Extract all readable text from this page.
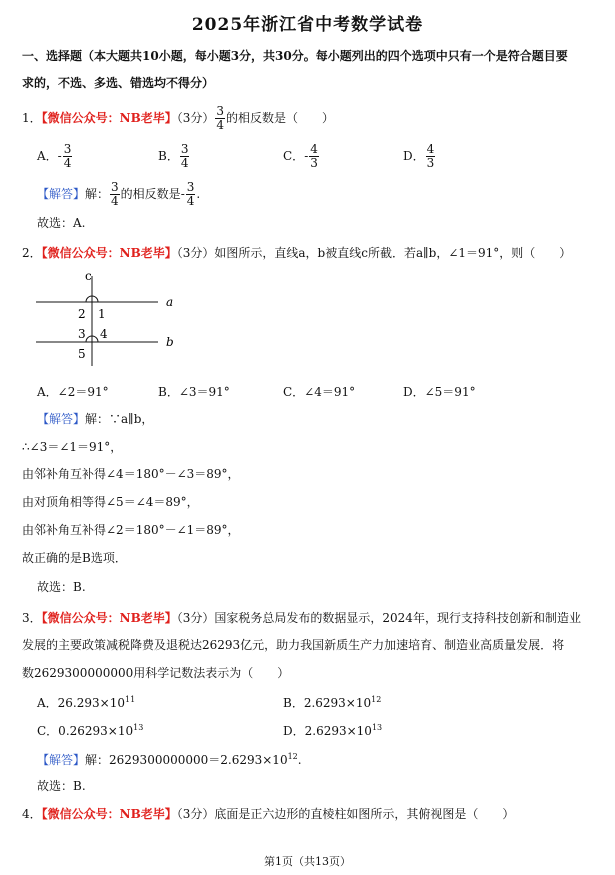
2025年浙江省中考数学试卷
一、选择题（本大题共10小题，每小题3分，共30分。每小题列出的四个选项中只有一个是符合题目要
求的，不选、多选、错选均不得分）
1．【微信公众号：NB老毕】（3分） $\frac{3}{4}$ 的相反数是（　　）
A．- $\frac{3}{4}$	B． $\frac{3}{4}$	C．- $\frac{4}{3}$	D． $\frac{4}{3}$
【解答】解： $\frac{3}{4}$ 的相反数是- $\frac{3}{4}$ .
故选：A.
2．【微信公众号：NB老毕】（3分）如图所示，直线a，b被直线c所截．若a∥b，∠1＝91°，则（　　）
c
a
b
2 1
3 4
5
A．∠2＝91°	B．∠3＝91°	C．∠4＝91°	D．∠5＝91°
【解答】解：∵a∥b，
∴∠3＝∠1＝91°，
由邻补角互补得∠4＝180°－∠3＝89°，
由对顶角相等得∠5＝∠4＝89°，
由邻补角互补得∠2＝180°－∠1＝89°，
故正确的是B选项．
故选：B.
3．【微信公众号：NB老毕】（3分）国家税务总局发布的数据显示，2024年，现行支持科技创新和制造业
发展的主要政策减税降费及退税达26293亿元，助力我国新质生产力加速培育、制造业高质量发展．将
数2629300000000用科学记数法表示为（　　）
A．$26.293\times 10^{11}$	B．$2.6293\times 10^{12}$
C．$0.26293\times 10^{13}$	D．$2.6293\times 10^{13}$
【解答】解：$2629300000000=2.6293\times 10^{12}$.
故选：B.
4．【微信公众号：NB老毕】（3分）底面是正六边形的直棱柱如图所示，其俯视图是（　　）
第1页（共13页）
